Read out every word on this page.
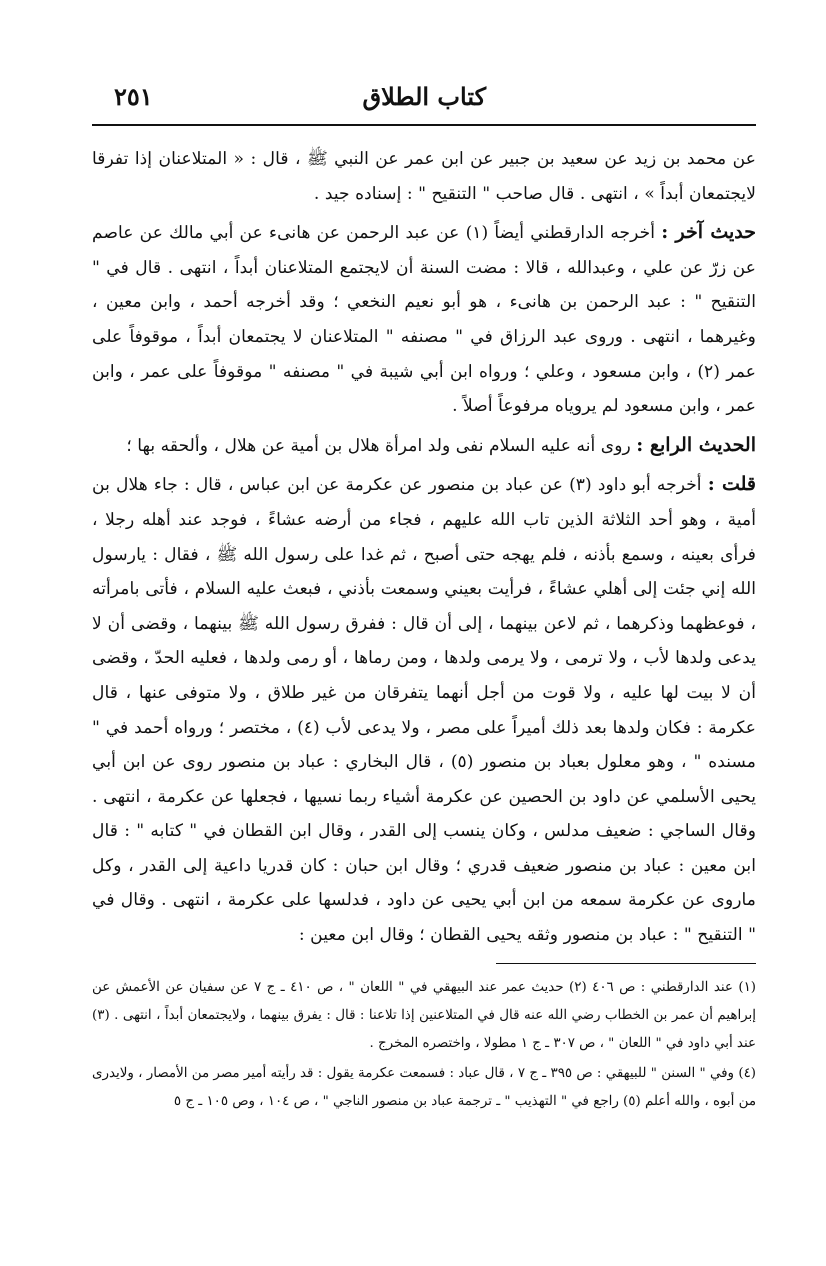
كتاب الطلاق
٢٥١

عن محمد بن زيد عن سعيد بن جبير عن ابن عمر عن النبي ﷺ ، قال : « المتلاعنان إذا تفرقا لايجتمعان أبداً » ، انتهى . قال صاحب " التنقيح " : إسناده جيد .

حديث آخر : أخرجه الدارقطني أيضاً (١) عن عبد الرحمن عن هانىء عن أبي مالك عن عاصم عن زرّ عن علي ، وعبدالله ، قالا : مضت السنة أن لايجتمع المتلاعنان أبداً ، انتهى . قال في " التنقيح " : عبد الرحمن بن هانىء ، هو أبو نعيم النخعي ؛ وقد أخرجه أحمد ، وابن معين ، وغيرهما ، انتهى . وروى عبد الرزاق في " مصنفه " المتلاعنان لا يجتمعان أبداً ، موقوفاً على عمر (٢) ، وابن مسعود ، وعلي ؛ ورواه ابن أبي شيبة في " مصنفه " موقوفاً على عمر ، وابن عمر ، وابن مسعود لم يروياه مرفوعاً أصلاً .

الحديث الرابع : روى أنه عليه السلام نفى ولد امرأة هلال بن أمية عن هلال ، وألحقه بها ؛

قلت : أخرجه أبو داود (٣) عن عباد بن منصور عن عكرمة عن ابن عباس ، قال : جاء هلال بن أمية ، وهو أحد الثلاثة الذين تاب الله عليهم ، فجاء من أرضه عشاءً ، فوجد عند أهله رجلا ، فرأى بعينه ، وسمع بأذنه ، فلم يهجه حتى أصبح ، ثم غدا على رسول الله ﷺ ، فقال : يارسول الله إني جئت إلى أهلي عشاءً ، فرأيت بعيني وسمعت بأذني ، فبعث عليه السلام ، فأتى بامرأته ، فوعظهما وذكرهما ، ثم لاعن بينهما ، إلى أن قال : ففرق رسول الله ﷺ بينهما ، وقضى أن لا يدعى ولدها لأب ، ولا ترمى ، ولا يرمى ولدها ، ومن رماها ، أو رمى ولدها ، فعليه الحدّ ، وقضى أن لا بيت لها عليه ، ولا قوت من أجل أنهما يتفرقان من غير طلاق ، ولا متوفى عنها ، قال عكرمة : فكان ولدها بعد ذلك أميراً على مصر ، ولا يدعى لأب (٤) ، مختصر ؛ ورواه أحمد في " مسنده " ، وهو معلول بعباد بن منصور (٥) ، قال البخاري : عباد بن منصور روى عن ابن أبي يحيى الأسلمي عن داود بن الحصين عن عكرمة أشياء ربما نسيها ، فجعلها عن عكرمة ، انتهى . وقال الساجي : ضعيف مدلس ، وكان ينسب إلى القدر ، وقال ابن القطان في " كتابه " : قال ابن معين : عباد بن منصور ضعيف قدري ؛ وقال ابن حبان : كان قدريا داعية إلى القدر ، وكل ماروى عن عكرمة سمعه من ابن أبي يحيى عن داود ، فدلسها على عكرمة ، انتهى . وقال في " التنقيح " : عباد بن منصور وثقه يحيى القطان ؛ وقال ابن معين :

(١) عند الدارقطني : ص ٤٠٦ (٢) حديث عمر عند البيهقي في " اللعان " ، ص ٤١٠ ـ ج ٧ عن سفيان عن الأعمش عن إبراهيم أن عمر بن الخطاب رضي الله عنه قال في المتلاعنين إذا تلاعنا : قال : يفرق بينهما ، ولايجتمعان أبداً ، انتهى . (٣) عند أبي داود في " اللعان " ، ص ٣٠٧ ـ ج ١ مطولا ، واختصره المخرج .

(٤) وفي " السنن " للبيهقي : ص ٣٩٥ ـ ج ٧ ، قال عباد : فسمعت عكرمة يقول : قد رأيته أمير مصر من الأمصار ، ولايدرى من أبوه ، والله أعلم (٥) راجع في " التهذيب " ـ ترجمة عباد بن منصور الناجي " ، ص ١٠٤ ، وص ١٠٥ ـ ج ٥
